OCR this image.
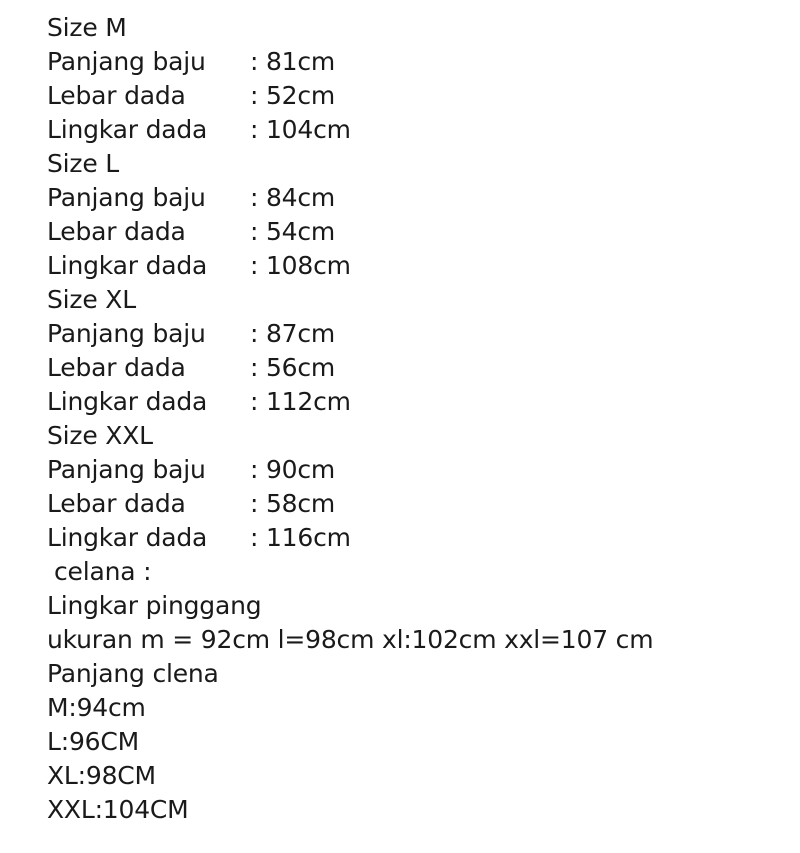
Size M
Panjang baju	: 81cm
Lebar dada	: 52cm
Lingkar dada	: 104cm
Size L
Panjang baju	: 84cm
Lebar dada	: 54cm
Lingkar dada	: 108cm
Size XL
Panjang baju	: 87cm
Lebar dada	: 56cm
Lingkar dada	: 112cm
Size XXL
Panjang baju	: 90cm
Lebar dada	: 58cm
Lingkar dada	: 116cm
celana :
Lingkar pinggang
ukuran m = 92cm l=98cm xl:102cm xxl=107 cm
Panjang clena
M:94cm
L:96CM
XL:98CM
XXL:104CM
